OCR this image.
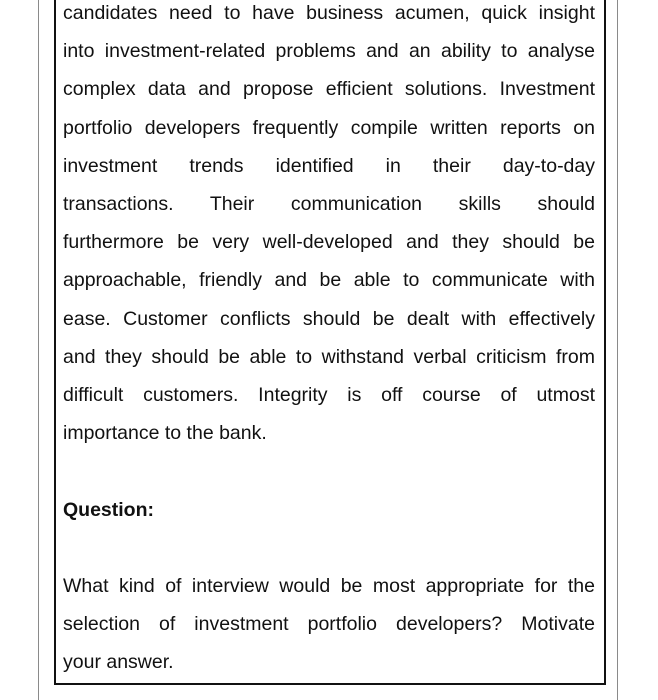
candidates need to have business acumen, quick insight
into investment-related problems and an ability to analyse
complex data and propose efficient solutions. Investment
portfolio developers frequently compile written reports on
investment trends identified in their day-to-day
transactions. Their communication skills should
furthermore be very well-developed and they should be
approachable, friendly and be able to communicate with
ease. Customer conflicts should be dealt with effectively
and they should be able to withstand verbal criticism from
difficult customers. Integrity is off course of utmost
importance to the bank.
Question:
What kind of interview would be most appropriate for the
selection of investment portfolio developers? Motivate
your answer.
